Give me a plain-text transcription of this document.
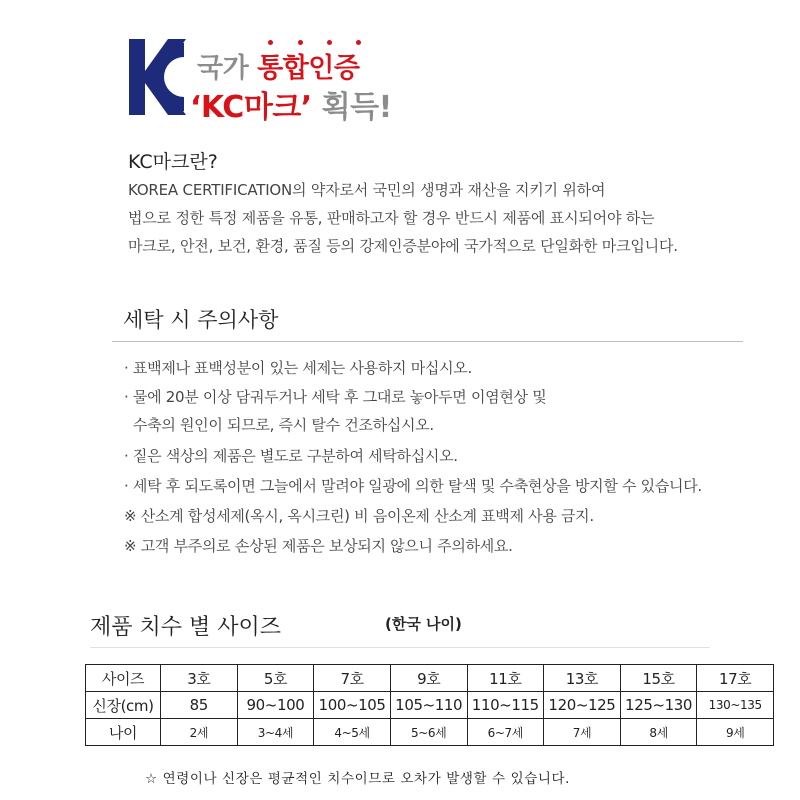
국가 통합인증
‘KC마크’ 획득!
KC마크란?
KOREA CERTIFICATION의 약자로서 국민의 생명과 재산을 지키기 위하여
법으로 정한 특정 제품을 유통, 판매하고자 할 경우 반드시 제품에 표시되어야 하는
마크로, 안전, 보건, 환경, 품질 등의 강제인증분야에 국가적으로 단일화한 마크입니다.
세탁 시 주의사항
· 표백제나 표백성분이 있는 세제는 사용하지 마십시오.
· 물에 20분 이상 담궈두거나 세탁 후 그대로 놓아두면 이염현상 및
수축의 원인이 되므로, 즉시 탈수 건조하십시오.
· 짙은 색상의 제품은 별도로 구분하여 세탁하십시오.
· 세탁 후 되도록이면 그늘에서 말려야 일광에 의한 탈색 및 수축현상을 방지할 수 있습니다.
※ 산소계 합성세제(옥시, 옥시크린) 비 음이온제 산소계 표백제 사용 금지.
※ 고객 부주의로 손상된 제품은 보상되지 않으니 주의하세요.
제품 치수 별 사이즈	(한국 나이)
사이즈	3호	5호	7호	9호	11호	13호	15호	17호
신장(cm)	85	90~100	100~105	105~110	110~115	120~125	125~130	130~135
나이	2세	3~4세	4~5세	5~6세	6~7세	7세	8세	9세
☆ 연령이나 신장은 평균적인 치수이므로 오차가 발생할 수 있습니다.
